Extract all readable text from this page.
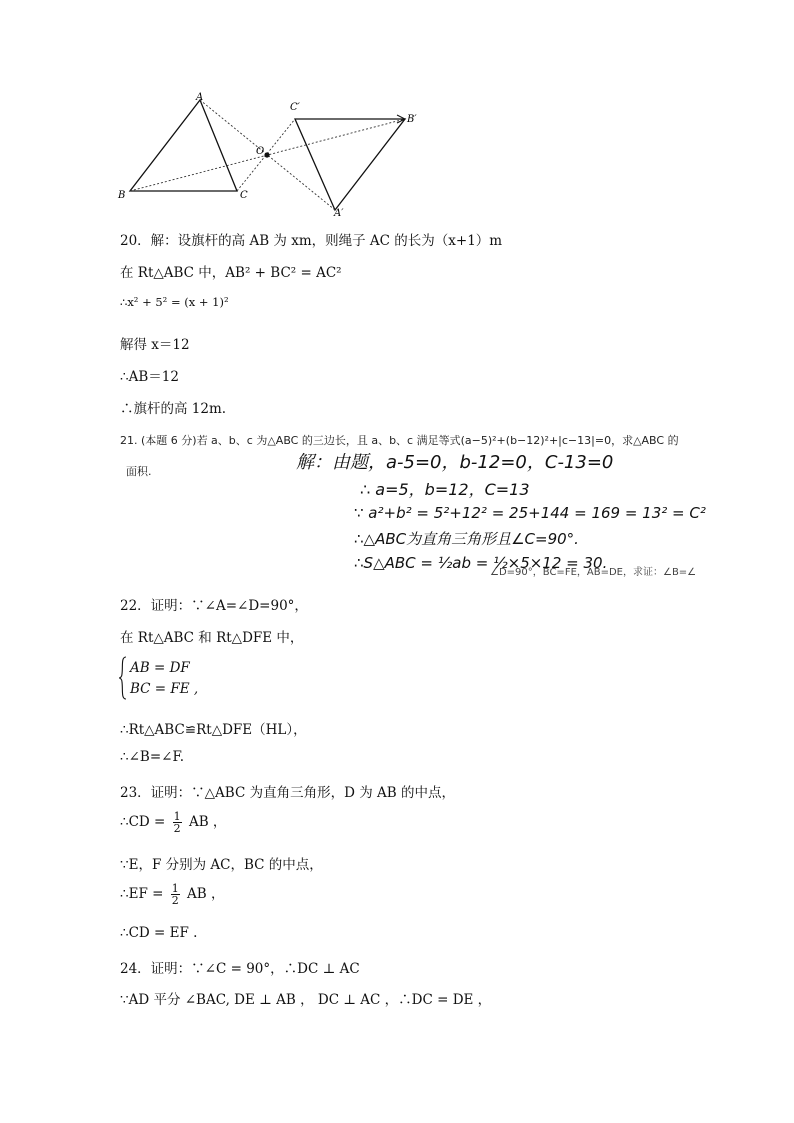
A
B	C
O
A′
B′
C′
20．解：设旗杆的高 AB 为 xm，则绳子 AC 的长为（x+1）m
在 Rt△ABC 中，AB² + BC² = AC²
∴x² + 5² = (x + 1)²
解得 x＝12
∴AB＝12
∴旗杆的高 12m.
21. (本题 6 分)若 a、b、c 为△ABC 的三边长，且 a、b、c 满足等式(a−5)²+(b−12)²+|c−13|=0，求△ABC 的
面积.	解：由题，a-5=0，b-12=0，C-13=0
∴ a=5，b=12，C=13
∵ a²+b² = 5²+12² = 25+144 = 169 = 13² = C²
∴△ABC为直角三角形且∠C=90°.
∴S△ABC = ½ab = ½×5×12 = 30.
∠D=90°，BC=FE，AB=DE，求证：∠B=∠
22．证明：∵∠A=∠D=90°，
在 Rt△ABC 和 Rt△DFE 中，
AB = DF
BC = FE ,
∴Rt△ABC≌Rt△DFE（HL），
∴∠B=∠F.
23．证明：∵△ABC 为直角三角形，D 为 AB 的中点，
∴CD = $\frac{1}{2}$ AB ，
∵E，F 分别为 AC，BC 的中点，
∴EF = $\frac{1}{2}$ AB ，
∴CD = EF .
24．证明：∵∠C = 90°，∴DC ⊥ AC
∵AD 平分 ∠BAC, DE ⊥ AB ， DC ⊥ AC ，∴DC = DE ，
